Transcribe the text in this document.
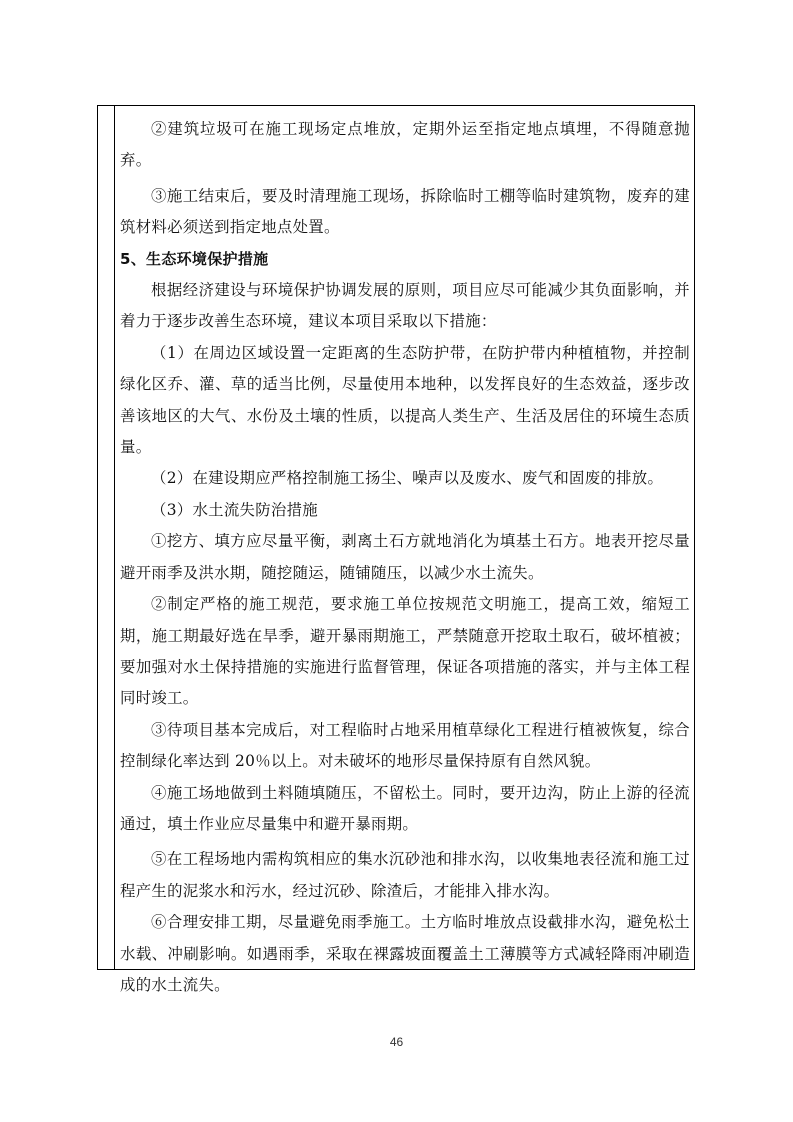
②建筑垃圾可在施工现场定点堆放，定期外运至指定地点填埋，不得随意抛弃。

③施工结束后，要及时清理施工现场，拆除临时工棚等临时建筑物，废弃的建筑材料必须送到指定地点处置。

5、生态环境保护措施

根据经济建设与环境保护协调发展的原则，项目应尽可能减少其负面影响，并着力于逐步改善生态环境，建议本项目采取以下措施：

（1）在周边区域设置一定距离的生态防护带，在防护带内种植植物，并控制绿化区乔、灌、草的适当比例，尽量使用本地种，以发挥良好的生态效益，逐步改善该地区的大气、水份及土壤的性质，以提高人类生产、生活及居住的环境生态质量。

（2）在建设期应严格控制施工扬尘、噪声以及废水、废气和固废的排放。

（3）水土流失防治措施

①挖方、填方应尽量平衡，剥离土石方就地消化为填基土石方。地表开挖尽量避开雨季及洪水期，随挖随运，随铺随压，以减少水土流失。

②制定严格的施工规范，要求施工单位按规范文明施工，提高工效，缩短工期，施工期最好选在旱季，避开暴雨期施工，严禁随意开挖取土取石，破坏植被；要加强对水土保持措施的实施进行监督管理，保证各项措施的落实，并与主体工程同时竣工。

③待项目基本完成后，对工程临时占地采用植草绿化工程进行植被恢复，综合控制绿化率达到 20％以上。对未破坏的地形尽量保持原有自然风貌。

④施工场地做到土料随填随压，不留松土。同时，要开边沟，防止上游的径流通过，填土作业应尽量集中和避开暴雨期。

⑤在工程场地内需构筑相应的集水沉砂池和排水沟，以收集地表径流和施工过程产生的泥浆水和污水，经过沉砂、除渣后，才能排入排水沟。

⑥合理安排工期，尽量避免雨季施工。土方临时堆放点设截排水沟，避免松土水载、冲刷影响。如遇雨季，采取在裸露坡面覆盖土工薄膜等方式减轻降雨冲刷造成的水土流失。

46
